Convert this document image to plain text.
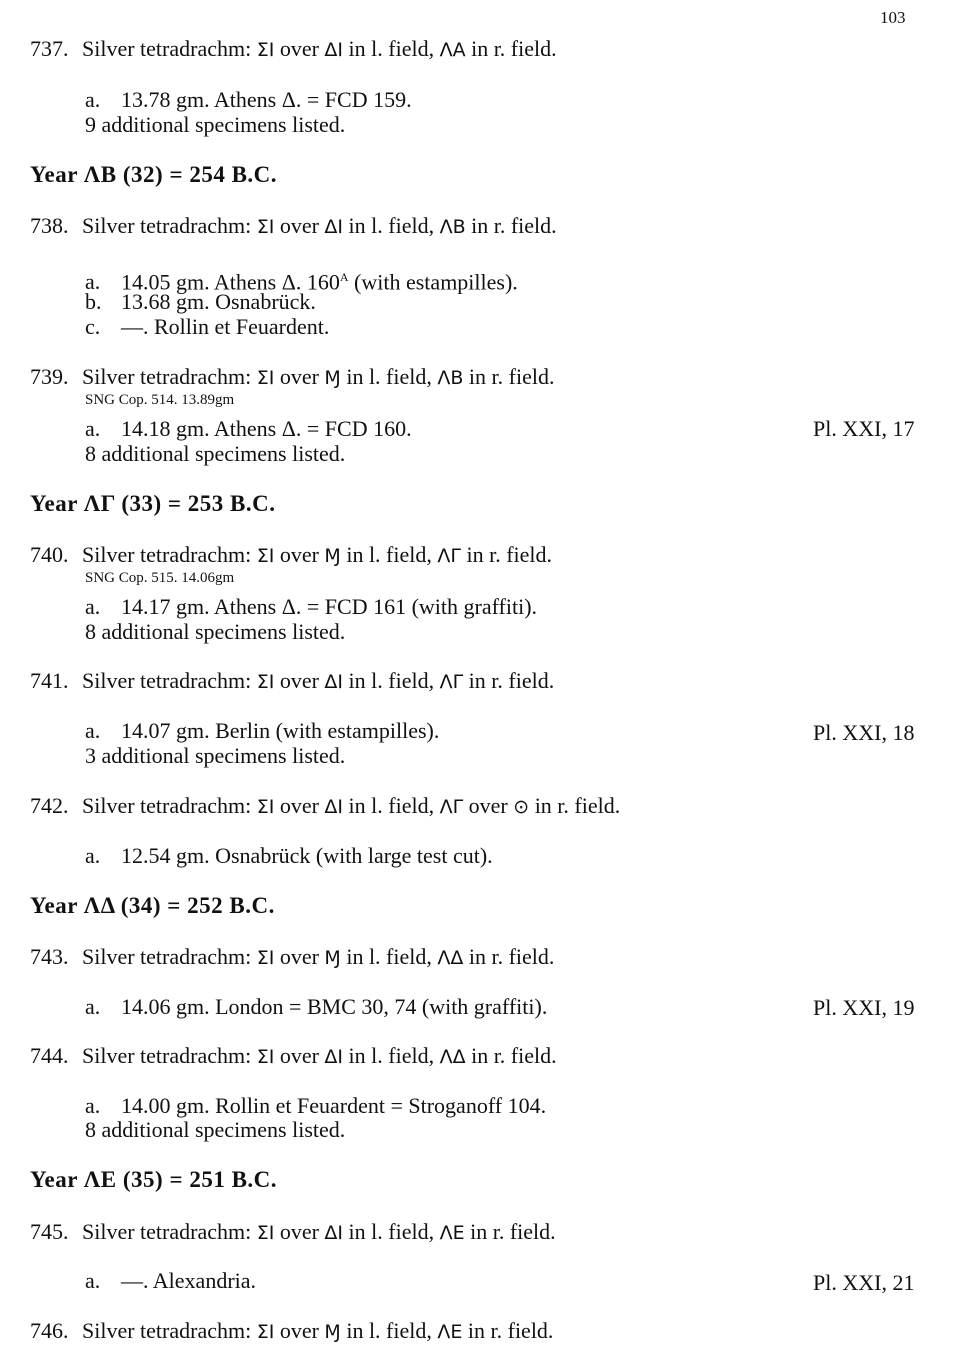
103
737. Silver tetradrachm: ΣΙ over ΔΙ in l. field, ΛΑ in r. field.
a. 13.78 gm. Athens Δ. = FCD 159.
9 additional specimens listed.
Year ΛΒ (32) = 254 B.C.
738. Silver tetradrachm: ΣΙ over ΔΙ in l. field, ΛΒ in r. field.
a. 14.05 gm. Athens Δ. $160^A$ (with estampilles).
b. 13.68 gm. Osnabrück.
c. —. Rollin et Feuardent.
739. Silver tetradrachm: ΣΙ over Ɱ in l. field, ΛΒ in r. field.
SNG Cop. 514. 13.89gm
a. 14.18 gm. Athens Δ. = FCD 160.	Pl. XXI, 17
8 additional specimens listed.
Year ΛΓ (33) = 253 B.C.
740. Silver tetradrachm: ΣΙ over Ɱ in l. field, ΛΓ in r. field.
SNG Cop. 515. 14.06gm
a. 14.17 gm. Athens Δ. = FCD 161 (with graffiti).
8 additional specimens listed.
741. Silver tetradrachm: ΣΙ over ΔΙ in l. field, ΛΓ in r. field.
a. 14.07 gm. Berlin (with estampilles).	Pl. XXI, 18
3 additional specimens listed.
742. Silver tetradrachm: ΣΙ over ΔΙ in l. field, ΛΓ over ⊙ in r. field.
a. 12.54 gm. Osnabrück (with large test cut).
Year ΛΔ (34) = 252 B.C.
743. Silver tetradrachm: ΣΙ over Ɱ in l. field, ΛΔ in r. field.
a. 14.06 gm. London = BMC 30, 74 (with graffiti).	Pl. XXI, 19
744. Silver tetradrachm: ΣΙ over ΔΙ in l. field, ΛΔ in r. field.
a. 14.00 gm. Rollin et Feuardent = Stroganoff 104.
8 additional specimens listed.
Year ΛΕ (35) = 251 B.C.
745. Silver tetradrachm: ΣΙ over ΔΙ in l. field, ΛΕ in r. field.
a. —. Alexandria.	Pl. XXI, 21
746. Silver tetradrachm: ΣΙ over Ɱ in l. field, ΛΕ in r. field.
